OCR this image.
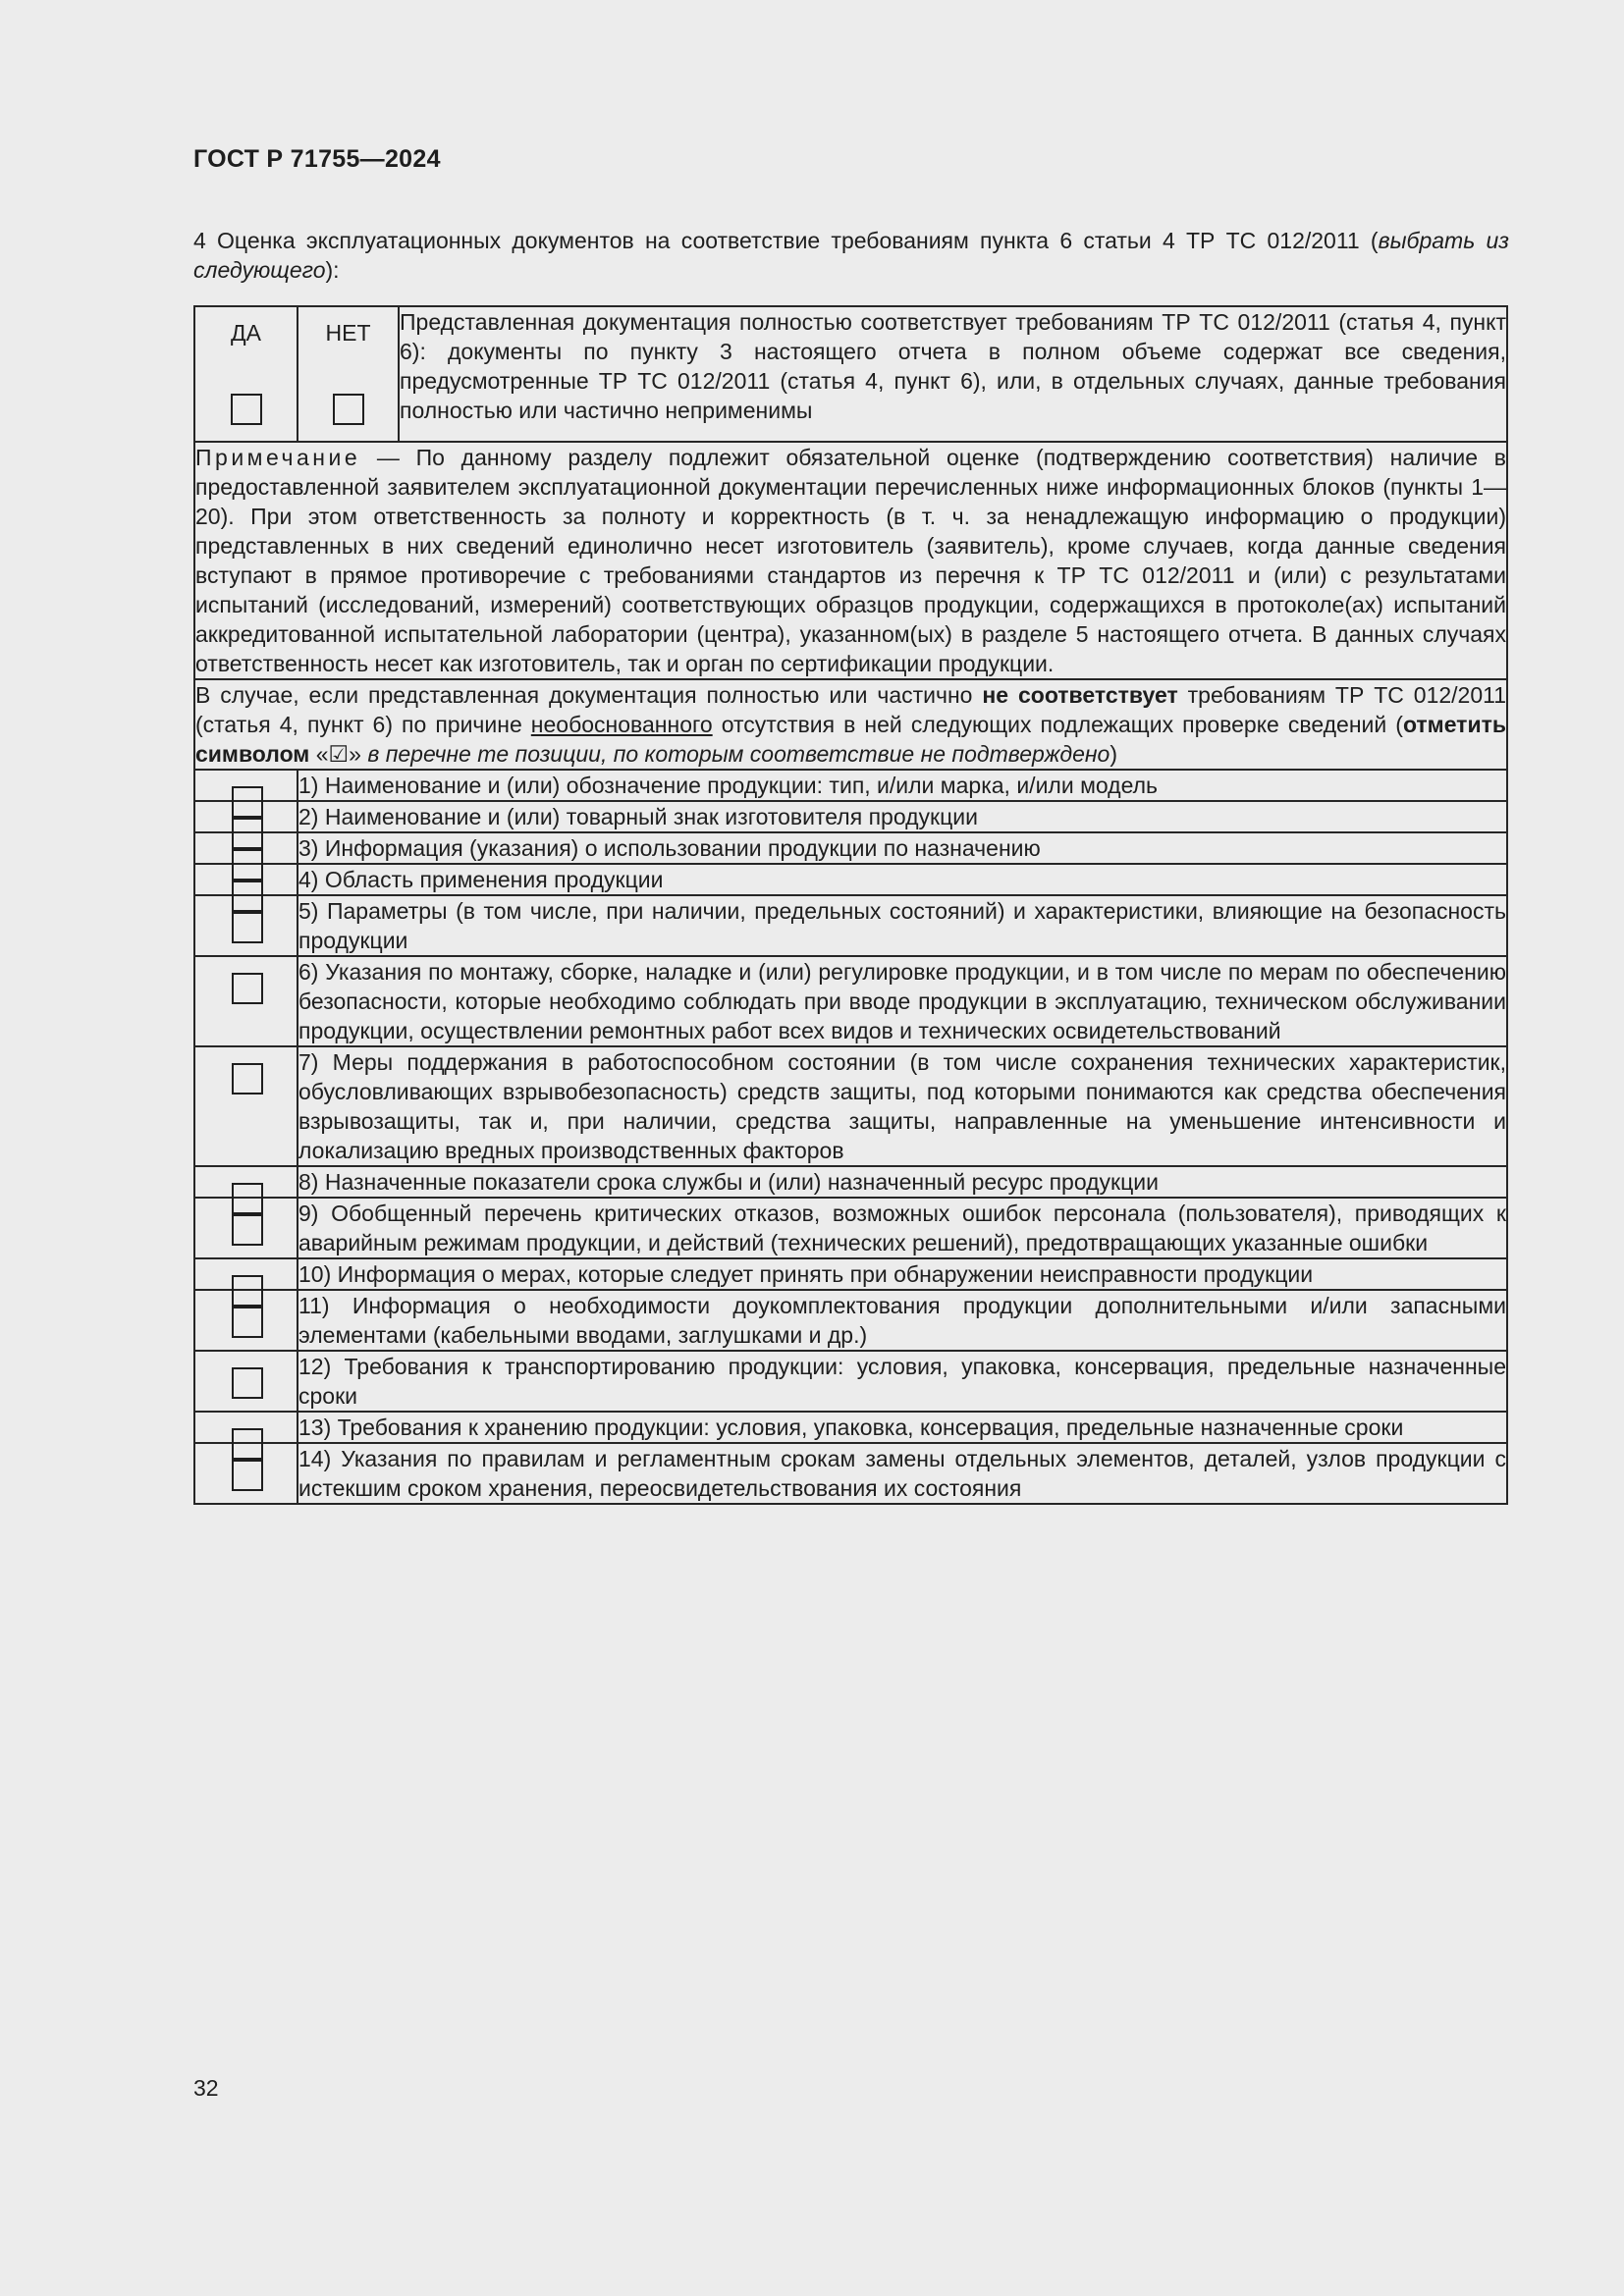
ГОСТ Р 71755—2024
4 Оценка эксплуатационных документов на соответствие требованиям пункта 6 статьи 4 ТР ТС 012/2011 (выбрать из следующего):
ДА	НЕТ	Представленная документация полностью соответствует требованиям ТР ТС 012/2011 (статья 4, пункт 6): документы по пункту 3 настоящего отчета в полном объеме содержат все сведения, предусмотренные ТР ТС 012/2011 (статья 4, пункт 6), или, в отдельных случаях, данные требования полностью или частично неприменимы
Примечание — По данному разделу подлежит обязательной оценке (подтверждению соответствия) наличие в предоставленной заявителем эксплуатационной документации перечисленных ниже информационных блоков (пункты 1—20). При этом ответственность за полноту и корректность (в т. ч. за ненадлежащую информацию о продукции) представленных в них сведений единолично несет изготовитель (заявитель), кроме случаев, когда данные сведения вступают в прямое противоречие с требованиями стандартов из перечня к ТР ТС 012/2011 и (или) с результатами испытаний (исследований, измерений) соответствующих образцов продукции, содержащихся в протоколе(ах) испытаний аккредитованной испытательной лаборатории (центра), указанном(ых) в разделе 5 настоящего отчета. В данных случаях ответственность несет как изготовитель, так и орган по сертификации продукции.		
В случае, если представленная документация полностью или частично не соответствует требованиям ТР ТС 012/2011 (статья 4, пункт 6) по причине необоснованного отсутствия в ней следующих подлежащих проверке сведений (отметить символом «☑» в перечне те позиции, по которым соответствие не подтверждено)		

	1) Наименование и (или) обозначение продукции: тип, и/или марка, и/или модель	

	2) Наименование и (или) товарный знак изготовителя продукции	

	3) Информация (указания) о использовании продукции по назначению	

	4) Область применения продукции	

	5) Параметры (в том числе, при наличии, предельных состояний) и характеристики, влияющие на безопасность продукции	

	6) Указания по монтажу, сборке, наладке и (или) регулировке продукции, и в том числе по мерам по обеспечению безопасности, которые необходимо соблюдать при вводе продукции в эксплуатацию, техническом обслуживании продукции, осуществлении ремонтных работ всех видов и технических освидетельствований	

	7) Меры поддержания в работоспособном состоянии (в том числе сохранения технических характеристик, обусловливающих взрывобезопасность) средств защиты, под которыми понимаются как средства обеспечения взрывозащиты, так и, при наличии, средства защиты, направленные на уменьшение интенсивности и локализацию вредных производственных факторов	

	8) Назначенные показатели срока службы и (или) назначенный ресурс продукции	

	9) Обобщенный перечень критических отказов, возможных ошибок персонала (пользователя), приводящих к аварийным режимам продукции, и действий (технических решений), предотвращающих указанные ошибки	

	10) Информация о мерах, которые следует принять при обнаружении неисправности продукции	

	11) Информация о необходимости доукомплектования продукции дополнительными и/или запасными элементами (кабельными вводами, заглушками и др.)	

	12) Требования к транспортированию продукции: условия, упаковка, консервация, предельные назначенные сроки	

	13) Требования к хранению продукции: условия, упаковка, консервация, предельные назначенные сроки	

	14) Указания по правилам и регламентным срокам замены отдельных элементов, деталей, узлов продукции с истекшим сроком хранения, переосвидетельствования их состояния	
32
